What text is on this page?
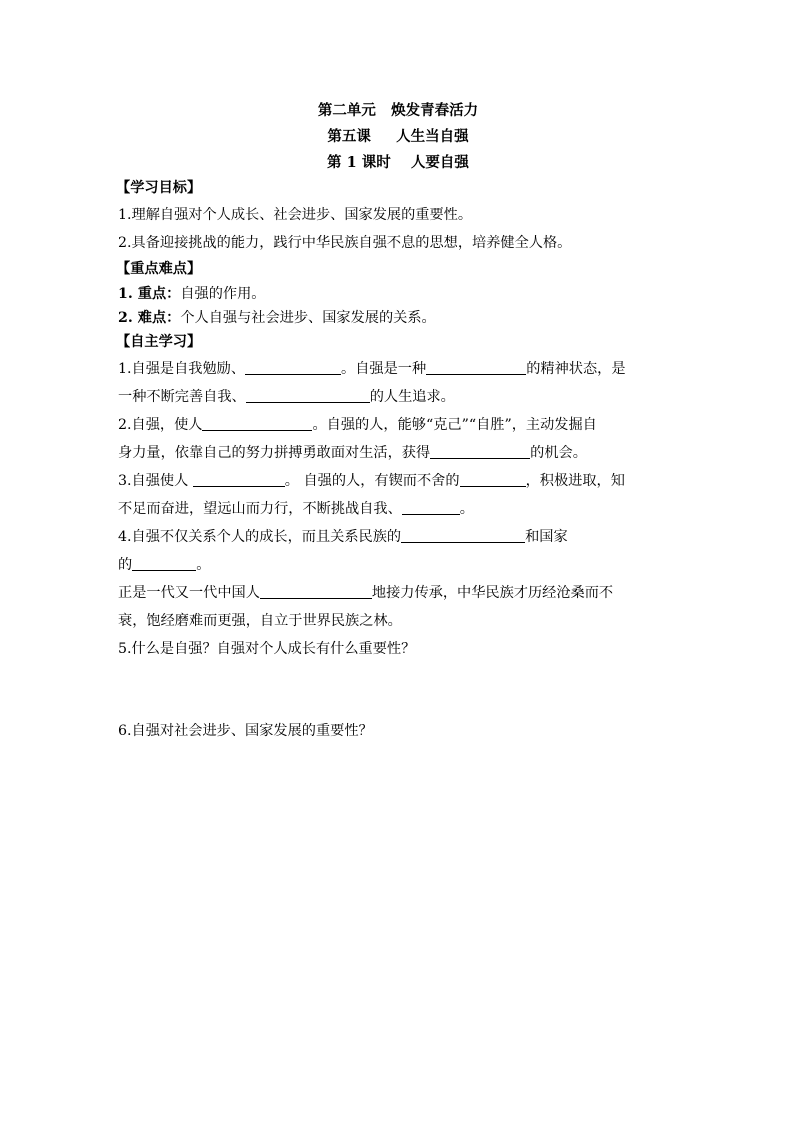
第二单元   焕发青春活力
第五课     人生当自强
第 1 课时    人要自强
【学习目标】
1.理解自强对个人成长、社会进步、国家发展的重要性。
2.具备迎接挑战的能力，践行中华民族自强不息的思想，培养健全人格。
【重点难点】
1. 重点：自强的作用。
2. 难点：个人自强与社会进步、国家发展的关系。
【自主学习】
1.自强是自我勉励、	。自强是一种	的精神状态，是
一种不断完善自我、	的人生追求。
2.自强，使人	。自强的人，能够“克己”“自胜”，主动发掘自
身力量，依靠自己的努力拼搏勇敢面对生活，获得	的机会。
3.自强使人	。 自强的人，有锲而不舍的	，积极进取，知
不足而奋进，望远山而力行，不断挑战自我、	。
4.自强不仅关系个人的成长，而且关系民族的	和国家
的	。
正是一代又一代中国人	地接力传承，中华民族才历经沧桑而不
衰，饱经磨难而更强，自立于世界民族之林。
5.什么是自强？自强对个人成长有什么重要性？
6.自强对社会进步、国家发展的重要性？
